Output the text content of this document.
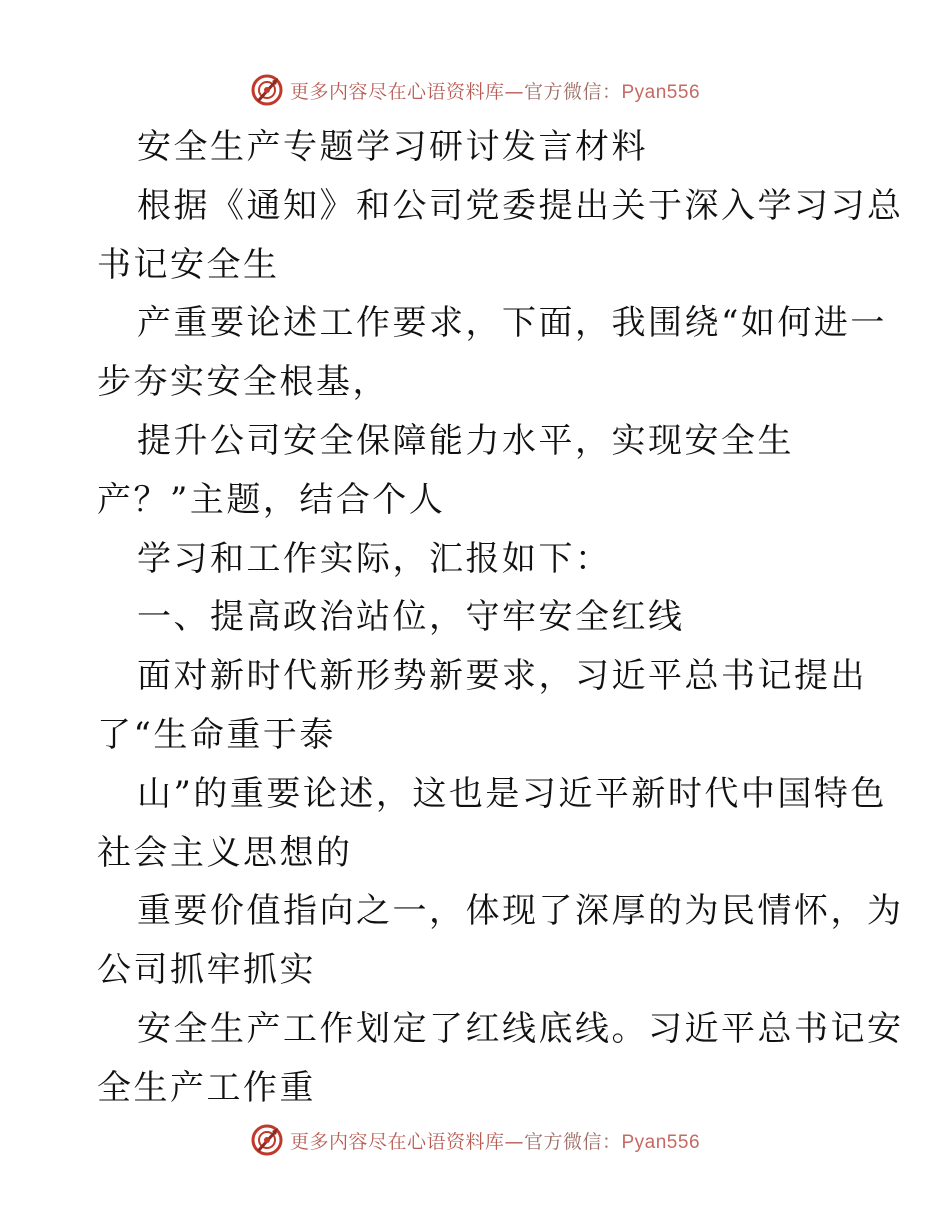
更多内容尽在心语资料库—官方微信：Pyan556
安全生产专题学习研讨发言材料
根据《通知》和公司党委提出关于深入学习习总
书记安全生
产重要论述工作要求，下面，我围绕“如何进一
步夯实安全根基，
提升公司安全保障能力水平，实现安全生
产？”主题，结合个人
学习和工作实际，汇报如下：
一、提高政治站位，守牢安全红线
面对新时代新形势新要求，习近平总书记提出
了“生命重于泰
山”的重要论述，这也是习近平新时代中国特色
社会主义思想的
重要价值指向之一，体现了深厚的为民情怀，为
公司抓牢抓实
安全生产工作划定了红线底线。习近平总书记安
全生产工作重
更多内容尽在心语资料库—官方微信：Pyan556
